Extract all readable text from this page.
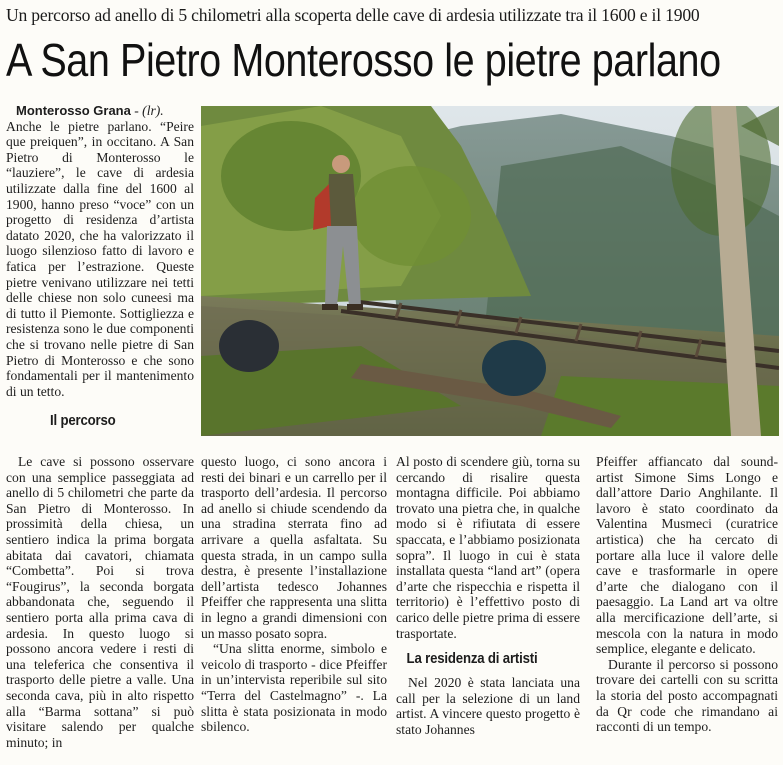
Un percorso ad anello di 5 chilometri alla scoperta delle cave di ardesia utilizzate tra il 1600 e il 1900
A San Pietro Monterosso le pietre parlano

Monterosso Grana - (lr).

Anche le pietre parlano. “Peire que preiquen”, in occitano. A San Pietro di Monterosso le “lauziere”, le cave di ardesia utilizzate dalla fine del 1600 al 1900, hanno preso “voce” con un progetto di residenza d’artista datato 2020, che ha valorizzato il luogo silenzioso fatto di lavoro e fatica per l’estrazione. Queste pietre venivano utilizzare nei tetti delle chiese non solo cuneesi ma di tutto il Piemonte. Sottigliezza e resistenza sono le due componenti che si trovano nelle pietre di San Pietro di Monterosso e che sono fondamentali per il mantenimento di un tetto.

Il percorso

Le cave si possono osservare con una semplice passeggiata ad anello di 5 chilometri che parte da San Pietro di Monterosso. In prossimità della chiesa, un sentiero indica la prima borgata abitata dai cavatori, chiamata “Combetta”. Poi si trova “Fougirus”, la seconda borgata abbandonata che, seguendo il sentiero porta alla prima cava di ardesia. In questo luogo si possono ancora vedere i resti di una teleferica che consentiva il trasporto delle pietre a valle. Una seconda cava, più in alto rispetto alla “Barma sottana” si può visitare salendo per qualche minuto; in

questo luogo, ci sono ancora i resti dei binari e un carrello per il trasporto dell’ardesia. Il percorso ad anello si chiude scendendo da una stradina sterrata fino ad arrivare a quella asfaltata. Su questa strada, in un campo sulla destra, è presente l’installazione dell’artista tedesco Johannes Pfeiffer che rappresenta una slitta in legno a grandi dimensioni con un masso posato sopra.

“Una slitta enorme, simbolo e veicolo di trasporto - dice Pfeiffer in un’intervista reperibile sul sito “Terra del Castelmagno” -. La slitta è stata posizionata in modo sbilenco.

Al posto di scendere giù, torna su cercando di risalire questa montagna difficile. Poi abbiamo trovato una pietra che, in qualche modo si è rifiutata di essere spaccata, e l’abbiamo posizionata sopra”. Il luogo in cui è stata installata questa “land art” (opera d’arte che rispecchia e rispetta il territorio) è l’effettivo posto di carico delle pietre prima di essere trasportate.

La residenza di artisti

Nel 2020 è stata lanciata una call per la selezione di un land artist. A vincere questo progetto è stato Johannes

Pfeiffer affiancato dal sound-artist Simone Sims Longo e dall’attore Dario Anghilante. Il lavoro è stato coordinato da Valentina Musmeci (curatrice artistica) che ha cercato di portare alla luce il valore delle cave e trasformarle in opere d’arte che dialogano con il paesaggio. La Land art va oltre alla mercificazione dell’arte, si mescola con la natura in modo semplice, elegante e delicato.

Durante il percorso si possono trovare dei cartelli con su scritta la storia del posto accompagnati da Qr code che rimandano ai racconti di un tempo.
